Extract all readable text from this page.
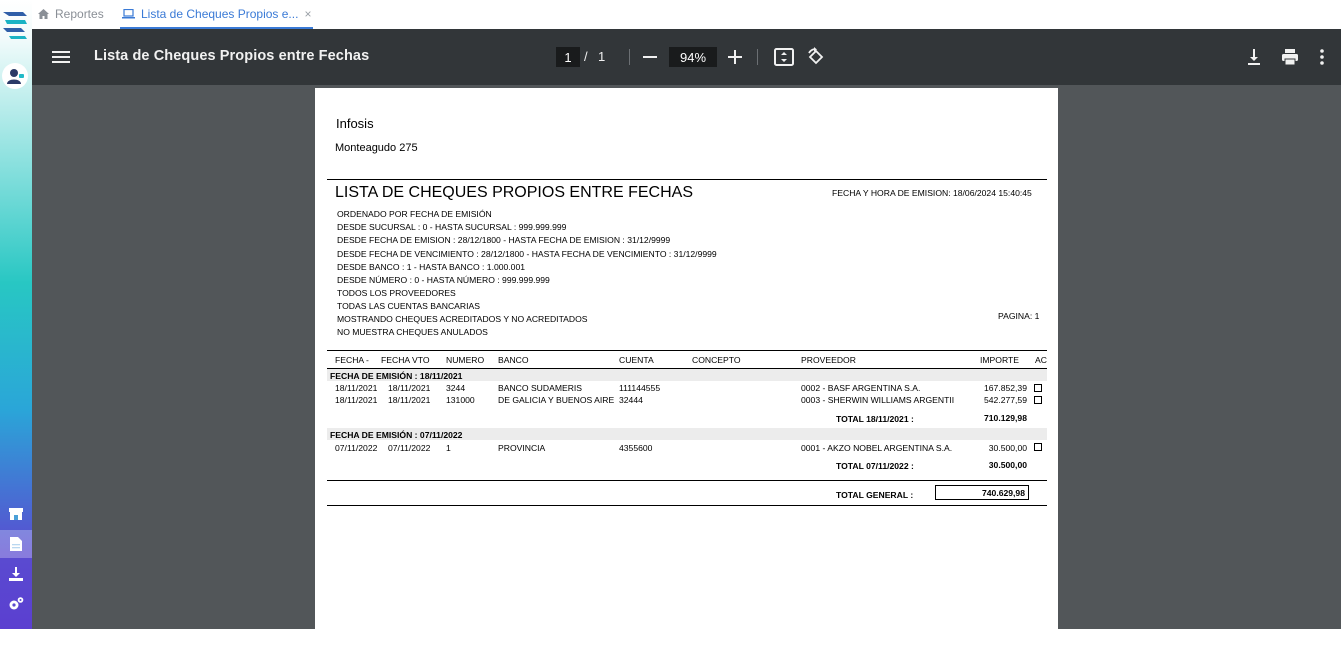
Reportes	Lista de Cheques Propios e... ×
Lista de Cheques Propios entre Fechas	1 / 1	94%
Infosis
Monteagudo 275
LISTA DE CHEQUES PROPIOS ENTRE FECHAS	FECHA Y HORA DE EMISION: 18/06/2024 15:40:45
ORDENADO POR FECHA DE EMISIÓN
DESDE SUCURSAL : 0 - HASTA SUCURSAL : 999.999.999
DESDE FECHA DE EMISION : 28/12/1800 - HASTA FECHA DE EMISION : 31/12/9999
DESDE FECHA DE VENCIMIENTO : 28/12/1800 - HASTA FECHA DE VENCIMIENTO : 31/12/9999
DESDE BANCO : 1 - HASTA BANCO : 1.000.001
DESDE NÚMERO : 0 - HASTA NÚMERO : 999.999.999
TODOS LOS PROVEEDORES
TODAS LAS CUENTAS BANCARIAS
MOSTRANDO CHEQUES ACREDITADOS Y NO ACREDITADOS
NO MUESTRA CHEQUES ANULADOS
PAGINA: 1
FECHA - FECHA VTO NUMERO BANCO	CUENTA	CONCEPTO	PROVEEDOR	IMPORTE AC
FECHA DE EMISIÓN : 18/11/2021
18/11/2021 18/11/2021 3244	BANCO SUDAMERIS	111144555	0002 - BASF ARGENTINA S.A.	167.852,39
18/11/2021 18/11/2021 131000	DE GALICIA Y BUENOS AIRE 32444	0003 - SHERWIN WILLIAMS ARGENTII	542.277,59
TOTAL 18/11/2021 :	710.129,98
FECHA DE EMISIÓN : 07/11/2022
07/11/2022 07/11/2022 1	PROVINCIA	4355600	0001 - AKZO NOBEL ARGENTINA S.A.	30.500,00
TOTAL 07/11/2022 :	30.500,00
TOTAL GENERAL :	740.629,98
